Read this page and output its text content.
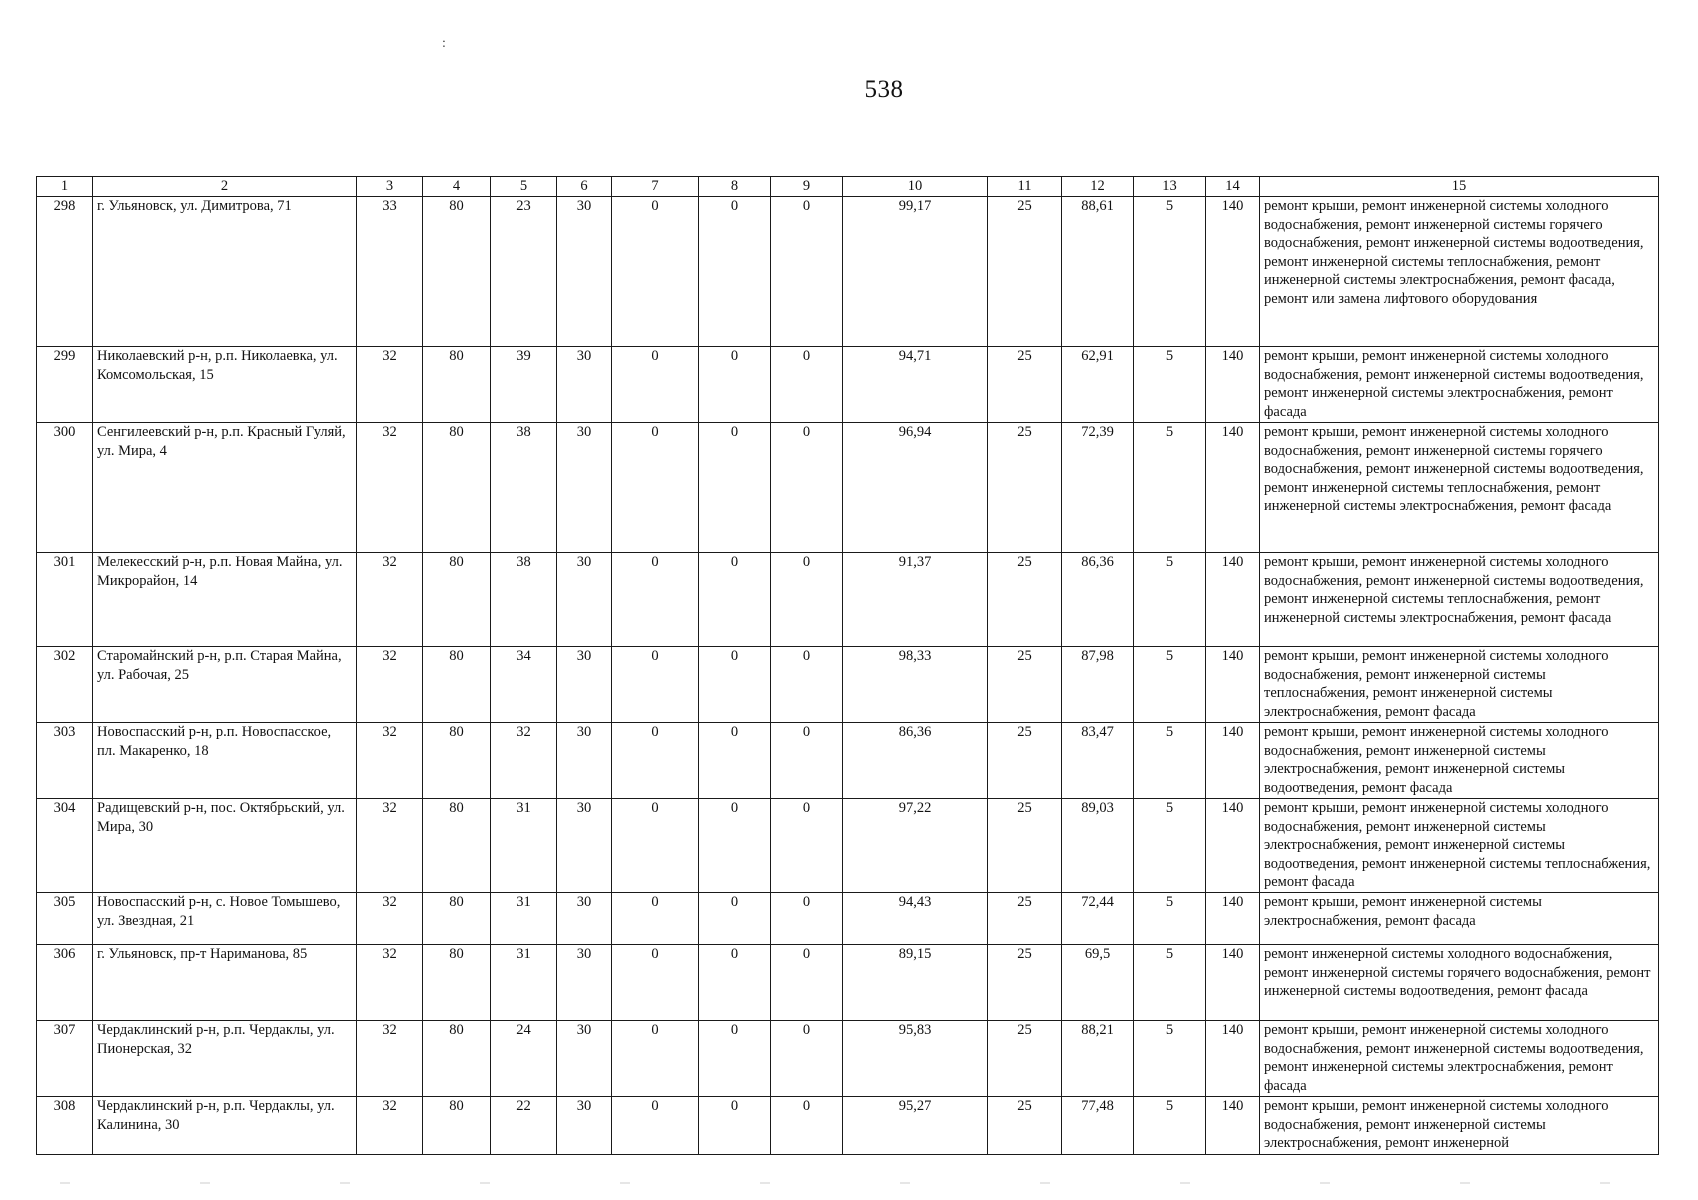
:
538
1	2	3	4	5	6	7	8	9	10	11	12	13	14	15
298	г. Ульяновск, ул. Димитрова, 71	33	80	23	30	0	0	0	99,17	25	88,61	5	140	ремонт крыши, ремонт инженерной системы холодного водоснабжения, ремонт инженерной системы горячего водоснабжения, ремонт инженерной системы водоотведения, ремонт инженерной системы теплоснабжения, ремонт инженерной системы электроснабжения, ремонт фасада, ремонт или замена лифтового оборудования
299	Николаевский р-н, р.п. Николаевка, ул. Комсомольская, 15	32	80	39	30	0	0	0	94,71	25	62,91	5	140	ремонт крыши, ремонт инженерной системы холодного водоснабжения, ремонт инженерной системы водоотведения, ремонт инженерной системы электроснабжения, ремонт фасада
300	Сенгилеевский р-н, р.п. Красный Гуляй, ул. Мира, 4	32	80	38	30	0	0	0	96,94	25	72,39	5	140	ремонт крыши, ремонт инженерной системы холодного водоснабжения, ремонт инженерной системы горячего водоснабжения, ремонт инженерной системы водоотведения, ремонт инженерной системы теплоснабжения, ремонт инженерной системы электроснабжения, ремонт фасада
301	Мелекесский р-н, р.п. Новая Майна, ул. Микрорайон, 14	32	80	38	30	0	0	0	91,37	25	86,36	5	140	ремонт крыши, ремонт инженерной системы холодного водоснабжения, ремонт инженерной системы водоотведения, ремонт инженерной системы теплоснабжения, ремонт инженерной системы электроснабжения, ремонт фасада
302	Старомайнский р-н, р.п. Старая Майна, ул. Рабочая, 25	32	80	34	30	0	0	0	98,33	25	87,98	5	140	ремонт крыши, ремонт инженерной системы холодного водоснабжения, ремонт инженерной системы теплоснабжения, ремонт инженерной системы электроснабжения, ремонт фасада
303	Новоспасский р-н, р.п. Новоспасское, пл. Макаренко, 18	32	80	32	30	0	0	0	86,36	25	83,47	5	140	ремонт крыши, ремонт инженерной системы холодного водоснабжения, ремонт инженерной системы электроснабжения, ремонт инженерной системы водоотведения, ремонт фасада
304	Радищевский р-н, пос. Октябрьский, ул. Мира, 30	32	80	31	30	0	0	0	97,22	25	89,03	5	140	ремонт крыши, ремонт инженерной системы холодного водоснабжения, ремонт инженерной системы электроснабжения, ремонт инженерной системы водоотведения, ремонт инженерной системы теплоснабжения, ремонт фасада
305	Новоспасский р-н, с. Новое Томышево, ул. Звездная, 21	32	80	31	30	0	0	0	94,43	25	72,44	5	140	ремонт крыши, ремонт инженерной системы электроснабжения, ремонт фасада
306	г. Ульяновск, пр-т Нариманова, 85	32	80	31	30	0	0	0	89,15	25	69,5	5	140	ремонт инженерной системы холодного водоснабжения, ремонт инженерной системы горячего водоснабжения, ремонт инженерной системы водоотведения, ремонт фасада
307	Чердаклинский р-н, р.п. Чердаклы, ул. Пионерская, 32	32	80	24	30	0	0	0	95,83	25	88,21	5	140	ремонт крыши, ремонт инженерной системы холодного водоснабжения, ремонт инженерной системы водоотведения, ремонт инженерной системы электроснабжения, ремонт фасада
308	Чердаклинский р-н, р.п. Чердаклы, ул. Калинина, 30	32	80	22	30	0	0	0	95,27	25	77,48	5	140	ремонт крыши, ремонт инженерной системы холодного водоснабжения, ремонт инженерной системы электроснабжения, ремонт инженерной
